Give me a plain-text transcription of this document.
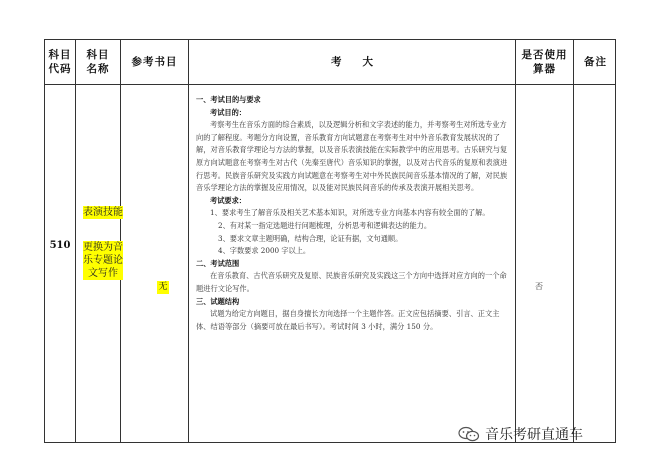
科目代码
科目名称
参考书目	考　　大
是否使用算器
备注
510
表演技能
更换为音乐专题论文写作
无	否

一、考试目的与要求

考试目的：

考察考生在音乐方面的综合素质，以及逻辑分析和文字表述的能力，并考察考生对所选专业方向的了解程度。考题分方向设置，音乐教育方向试题意在考察考生对中外音乐教育发展状况的了解，对音乐教育学理论与方法的掌握，以及音乐表演技能在实际教学中的应用思考。古乐研究与复原方向试题意在考察考生对古代（先秦至唐代）音乐知识的掌握，以及对古代音乐的复原和表演进行思考。民族音乐研究及实践方向试题意在考察考生对中外民族民间音乐基本情况的了解，对民族音乐学理论方法的掌握及应用情况，以及能对民族民间音乐的传承及表演开展相关思考。

考试要求：

1、要求考生了解音乐及相关艺术基本知识，对所选专业方向基本内容有较全面的了解。

2、有对某一指定选题进行问题梳理，分析思考和逻辑表达的能力。

3、要求文章主题明确，结构合理，论证有据，文句通顺。

4、字数要求 2000 字以上。

二、考试范围

在音乐教育、古代音乐研究及复原、民族音乐研究及实践这三个方向中选择对应方向的一个命题进行文论写作。

三、试题结构

试题为给定方向题目，据自身擅长方向选择一个主题作答。正文应包括摘要、引言、正文主体、结语等部分（摘要可放在最后书写）。考试时间 3 小时，满分 150 分。

音乐考研直通车
